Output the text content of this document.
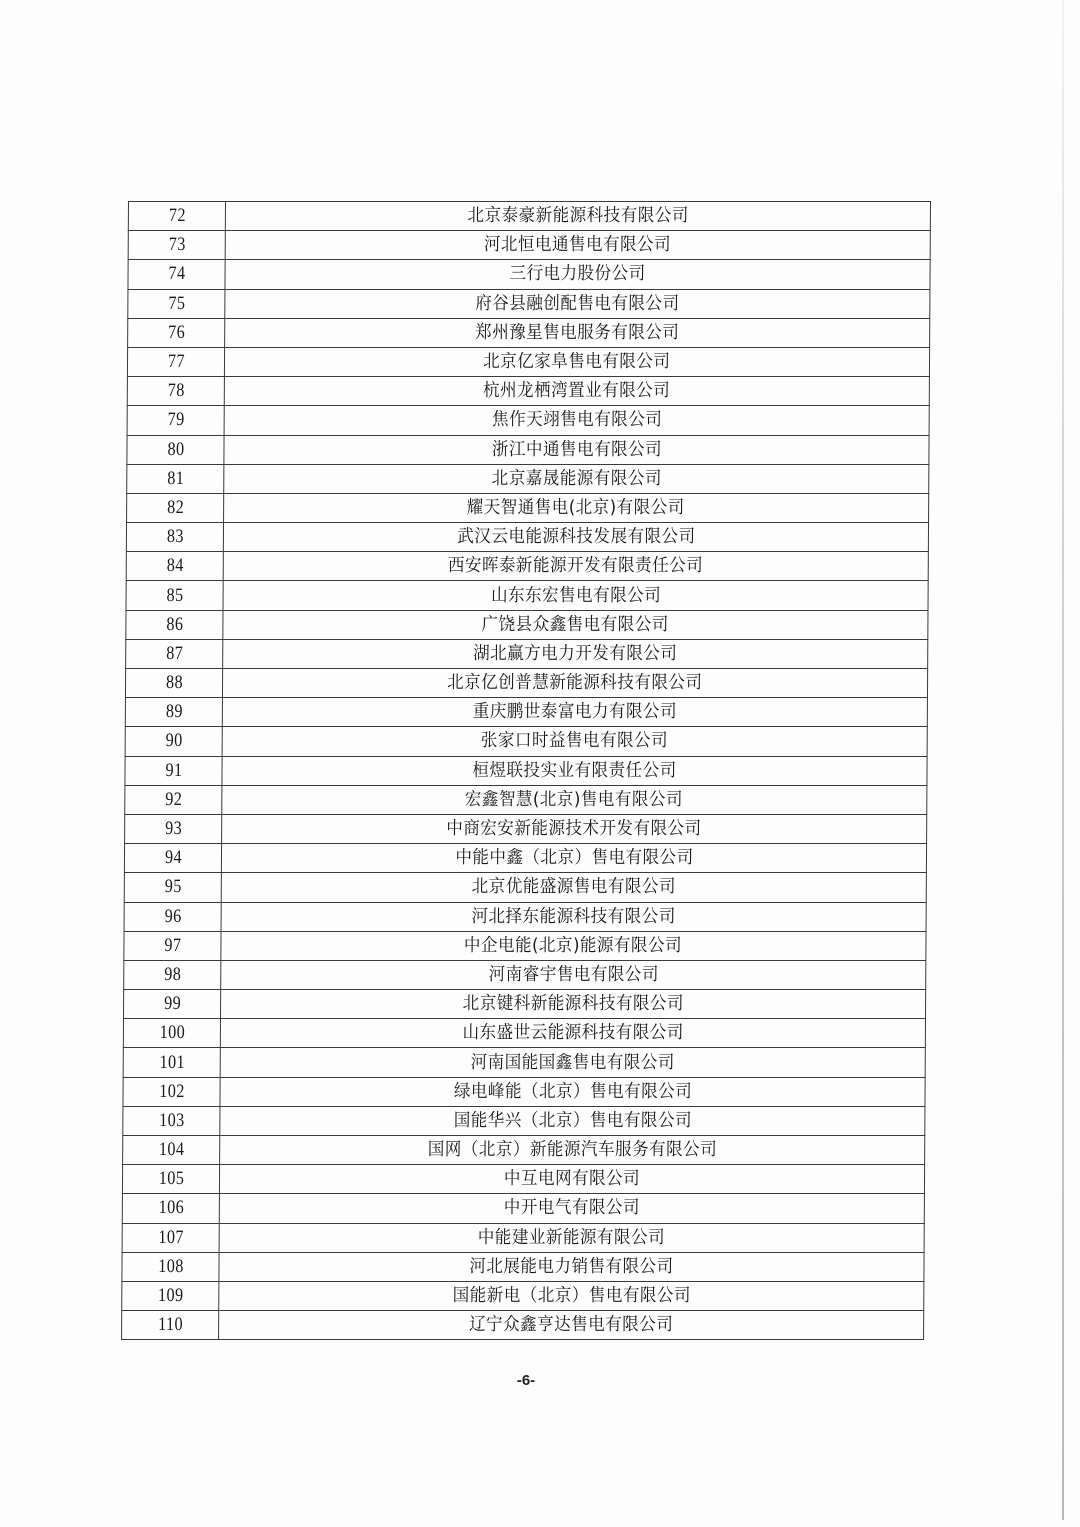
72	北京泰豪新能源科技有限公司
73	河北恒电通售电有限公司
74	三行电力股份公司
75	府谷县融创配售电有限公司
76	郑州豫星售电服务有限公司
77	北京亿家阜售电有限公司
78	杭州龙栖湾置业有限公司
79	焦作天翊售电有限公司
80	浙江中通售电有限公司
81	北京嘉晟能源有限公司
82	耀天智通售电(北京)有限公司
83	武汉云电能源科技发展有限公司
84	西安晖泰新能源开发有限责任公司
85	山东东宏售电有限公司
86	广饶县众鑫售电有限公司
87	湖北赢方电力开发有限公司
88	北京亿创普慧新能源科技有限公司
89	重庆鹏世泰富电力有限公司
90	张家口时益售电有限公司
91	桓煜联投实业有限责任公司
92	宏鑫智慧(北京)售电有限公司
93	中商宏安新能源技术开发有限公司
94	中能中鑫（北京）售电有限公司
95	北京优能盛源售电有限公司
96	河北择东能源科技有限公司
97	中企电能(北京)能源有限公司
98	河南睿宇售电有限公司
99	北京键科新能源科技有限公司
100	山东盛世云能源科技有限公司
101	河南国能国鑫售电有限公司
102	绿电峰能（北京）售电有限公司
103	国能华兴（北京）售电有限公司
104	国网（北京）新能源汽车服务有限公司
105	中互电网有限公司
106	中开电气有限公司
107	中能建业新能源有限公司
108	河北展能电力销售有限公司
109	国能新电（北京）售电有限公司
110	辽宁众鑫亨达售电有限公司
-6-
